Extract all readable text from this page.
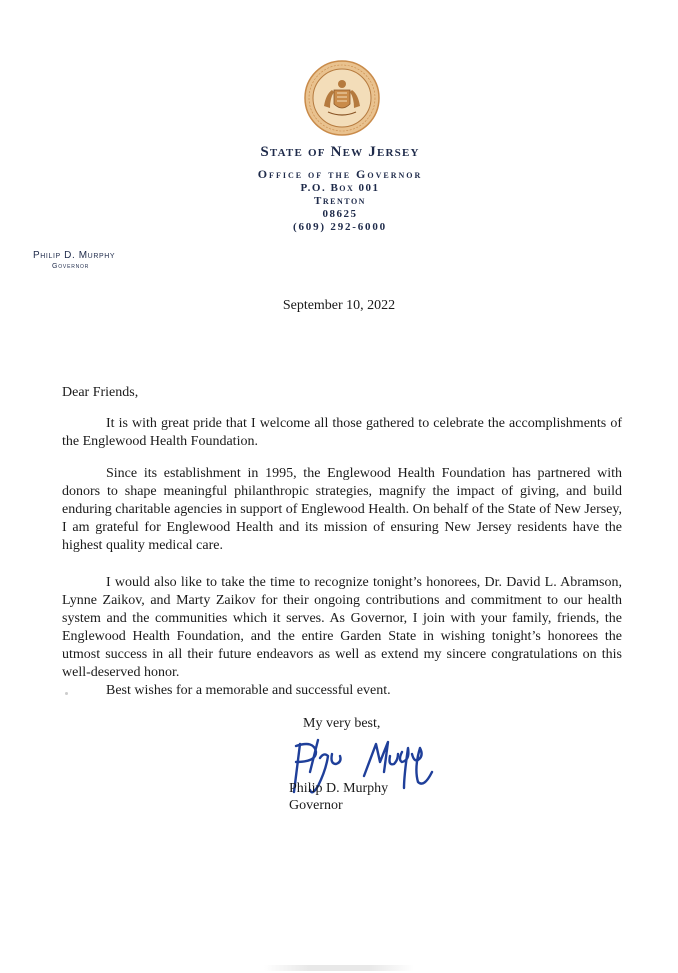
State of New Jersey
Office of the Governor
P.O. Box 001
Trenton
08625
(609) 292-6000
Philip D. Murphy
Governor
September 10, 2022
Dear Friends,

It is with great pride that I welcome all those gathered to celebrate the accomplishments of the Englewood Health Foundation.

Since its establishment in 1995, the Englewood Health Foundation has partnered with donors to shape meaningful philanthropic strategies, magnify the impact of giving, and build enduring charitable agencies in support of Englewood Health. On behalf of the State of New Jersey, I am grateful for Englewood Health and its mission of ensuring New Jersey residents have the highest quality medical care.

I would also like to take the time to recognize tonight’s honorees, Dr. David L. Abramson, Lynne Zaikov, and Marty Zaikov for their ongoing contributions and commitment to our health system and the communities which it serves. As Governor, I join with your family, friends, the Englewood Health Foundation, and the entire Garden State in wishing tonight’s honorees the utmost success in all their future endeavors as well as extend my sincere congratulations on this well-deserved honor.

Best wishes for a memorable and successful event.

My very best,
Philip D. Murphy
Governor
